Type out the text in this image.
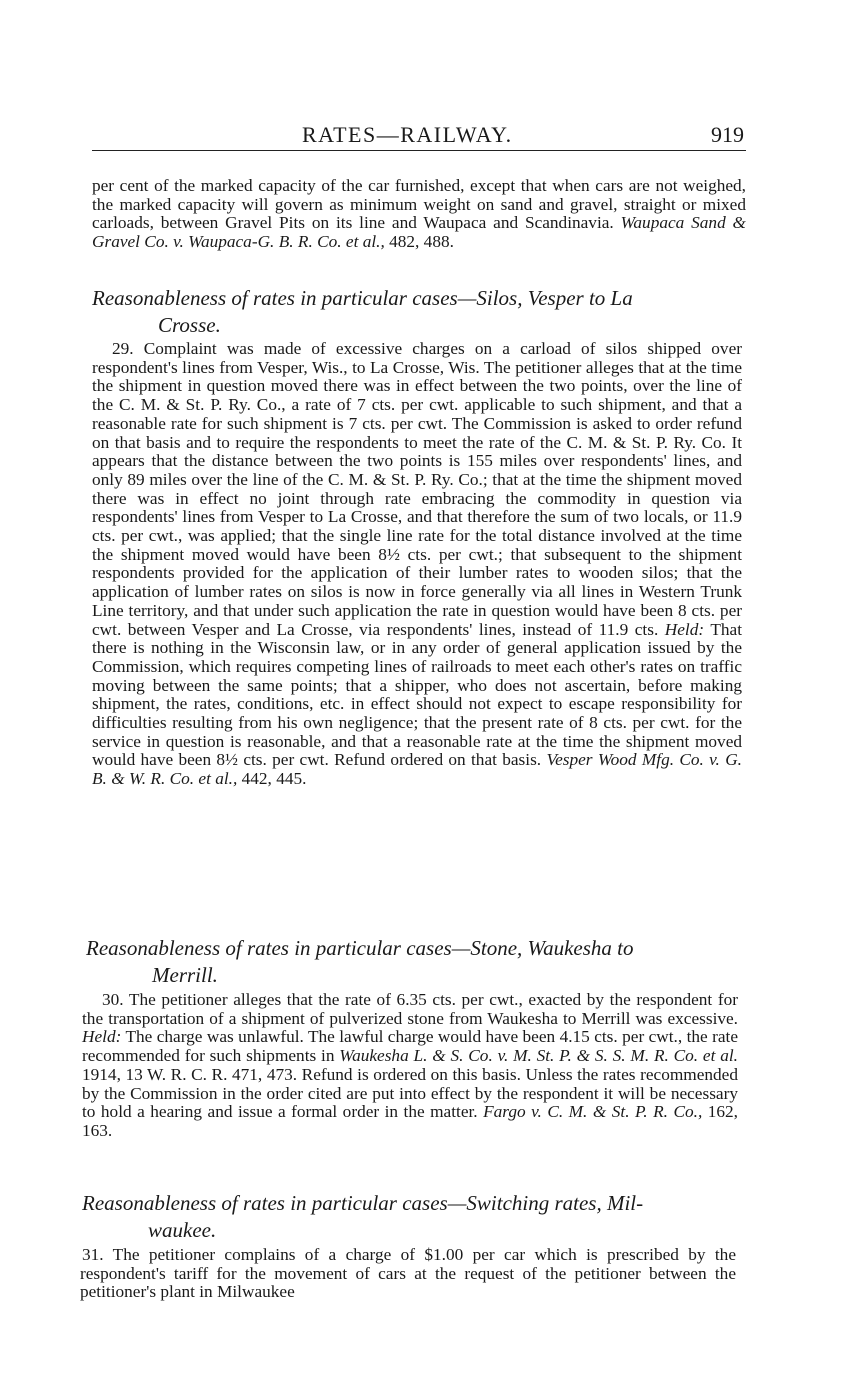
RATES—RAILWAY.	919

per cent of the marked capacity of the car furnished, except that when cars are not weighed, the marked capacity will govern as minimum weight on sand and gravel, straight or mixed carloads, between Gravel Pits on its line and Waupaca and Scandinavia. Waupaca Sand & Gravel Co. v. Waupaca-G. B. R. Co. et al., 482, 488.

Reasonableness of rates in particular cases—Silos, Vesper to La
Crosse.

29. Complaint was made of excessive charges on a carload of silos shipped over respondent's lines from Vesper, Wis., to La Crosse, Wis. The petitioner alleges that at the time the shipment in question moved there was in effect between the two points, over the line of the C. M. & St. P. Ry. Co., a rate of 7 cts. per cwt. applicable to such shipment, and that a reasonable rate for such shipment is 7 cts. per cwt. The Commission is asked to order refund on that basis and to require the respondents to meet the rate of the C. M. & St. P. Ry. Co. It appears that the distance between the two points is 155 miles over respondents' lines, and only 89 miles over the line of the C. M. & St. P. Ry. Co.; that at the time the shipment moved there was in effect no joint through rate embracing the commodity in question via respondents' lines from Vesper to La Crosse, and that therefore the sum of two locals, or 11.9 cts. per cwt., was applied; that the single line rate for the total distance involved at the time the shipment moved would have been 8½ cts. per cwt.; that subsequent to the shipment respondents provided for the application of their lumber rates to wooden silos; that the application of lumber rates on silos is now in force generally via all lines in Western Trunk Line territory, and that under such application the rate in question would have been 8 cts. per cwt. between Vesper and La Crosse, via respondents' lines, instead of 11.9 cts. Held: That there is nothing in the Wisconsin law, or in any order of general application issued by the Commission, which requires competing lines of railroads to meet each other's rates on traffic moving between the same points; that a shipper, who does not ascertain, before making shipment, the rates, conditions, etc. in effect should not expect to escape responsibility for difficulties resulting from his own negligence; that the present rate of 8 cts. per cwt. for the service in question is reasonable, and that a reasonable rate at the time the shipment moved would have been 8½ cts. per cwt. Refund ordered on that basis. Vesper Wood Mfg. Co. v. G. B. & W. R. Co. et al., 442, 445.

Reasonableness of rates in particular cases—Stone, Waukesha to
Merrill.

30. The petitioner alleges that the rate of 6.35 cts. per cwt., exacted by the respondent for the transportation of a shipment of pulverized stone from Waukesha to Merrill was excessive. Held: The charge was unlawful. The lawful charge would have been 4.15 cts. per cwt., the rate recommended for such shipments in Waukesha L. & S. Co. v. M. St. P. & S. S. M. R. Co. et al. 1914, 13 W. R. C. R. 471, 473. Refund is ordered on this basis. Unless the rates recommended by the Commission in the order cited are put into effect by the respondent it will be necessary to hold a hearing and issue a formal order in the matter. Fargo v. C. M. & St. P. R. Co., 162, 163.

Reasonableness of rates in particular cases—Switching rates, Mil-
waukee.

31. The petitioner complains of a charge of $1.00 per car which is prescribed by the respondent's tariff for the movement of cars at the request of the petitioner between the petitioner's plant in Milwaukee
